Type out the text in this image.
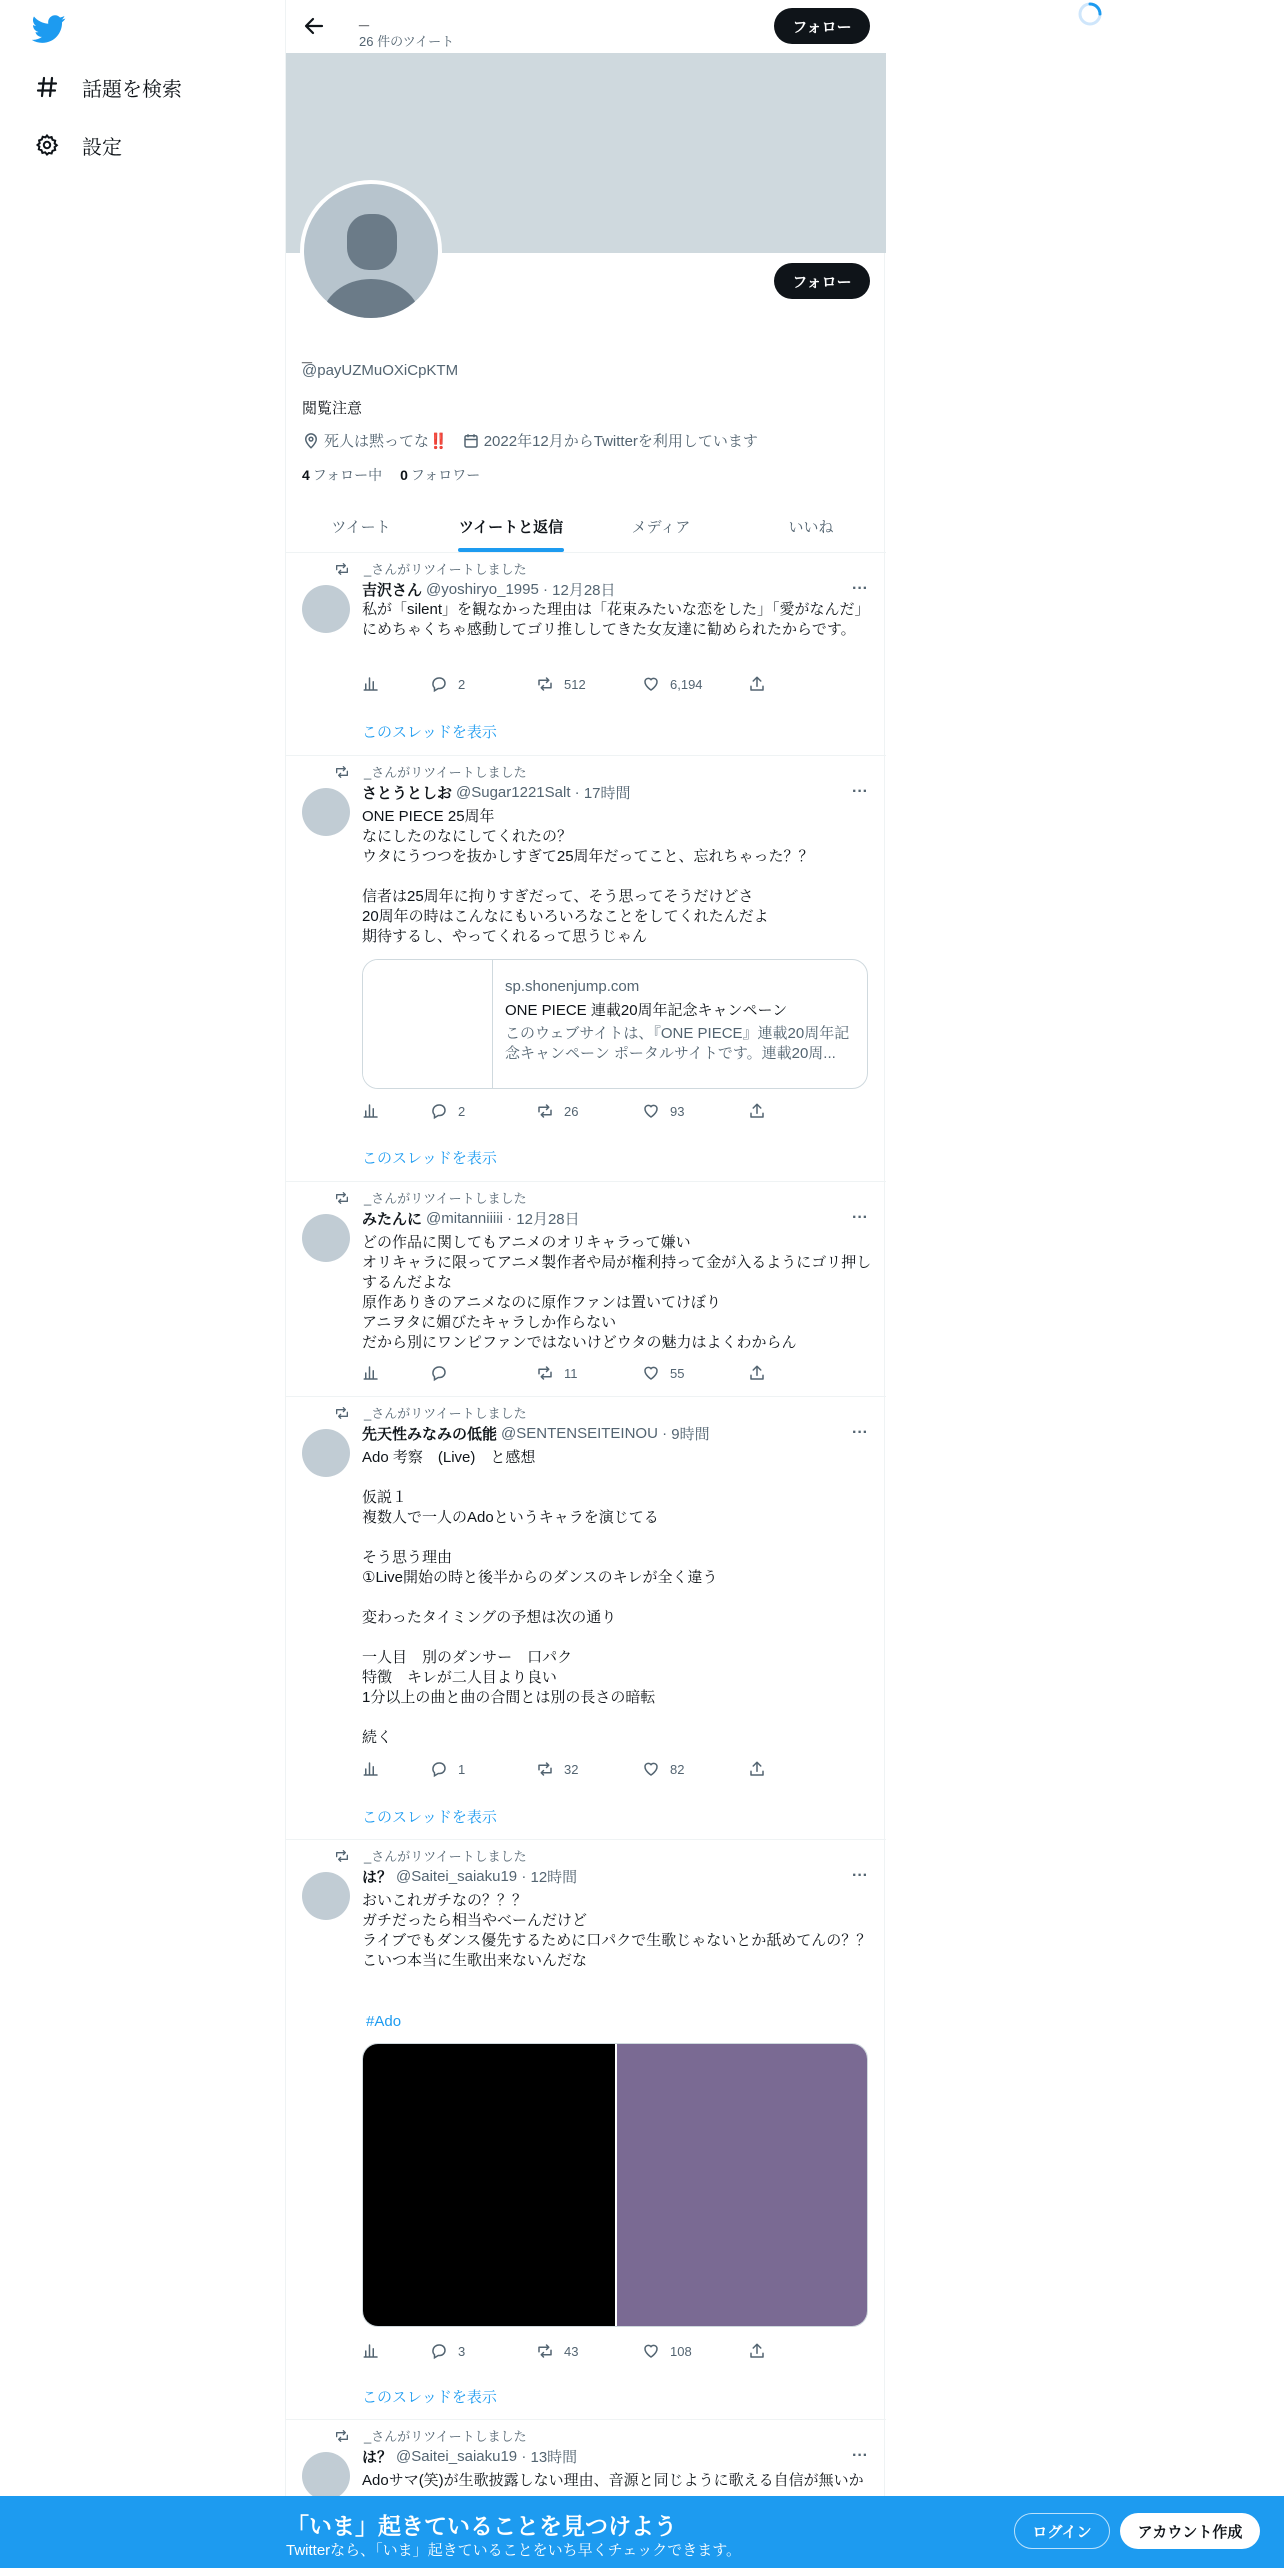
話題を検索
設定
_
26 件のツイート
フォロー
フォロー
_
@payUZMuOXiCpKTM
閲覧注意
死人は黙ってな ‼️ 2022年12月からTwitterを利用しています
4 フォロー中 0 フォロワー
ツイート	ツイートと返信	メディア	いいね
_さんがリツイートしました
吉沢さん @yoshiryo_1995 · 12月28日	···
私が「silent」を観なかった理由は「花束みたいな恋をした」「愛がなんだ」にめちゃくちゃ感動してゴリ推ししてきた女友達に勧められたからです。
2	512	6,194
このスレッドを表示
_さんがリツイートしました
さとうとしお @Sugar1221Salt · 17時間	···
ONE PIECE 25周年
なにしたのなにしてくれたの？
ウタにうつつを抜かしすぎて25周年だってこと、忘れちゃった？？

信者は25周年に拘りすぎだって、そう思ってそうだけどさ
20周年の時はこんなにもいろいろなことをしてくれたんだよ
期待するし、やってくれるって思うじゃん
sp.shonenjump.com
ONE PIECE 連載20周年記念キャンペーン
このウェブサイトは、『ONE PIECE』連載20周年記念キャンペーン ポータルサイトです。連載20周...
2	26	93
このスレッドを表示
_さんがリツイートしました
みたんに @mitanniiiii · 12月28日	···
どの作品に関してもアニメのオリキャラって嫌い
オリキャラに限ってアニメ製作者や局が権利持って金が入るようにゴリ押しするんだよな
原作ありきのアニメなのに原作ファンは置いてけぼり
アニヲタに媚びたキャラしか作らない
だから別にワンピファンではないけどウタの魅力はよくわからん
11	55
_さんがリツイートしました
先天性みなみの低能 @SENTENSEITEINOU · 9時間	···
Ado 考察　(Live)　と感想

仮説１
複数人で一人のAdoというキャラを演じてる

そう思う理由
①Live開始の時と後半からのダンスのキレが全く違う

変わったタイミングの予想は次の通り

一人目　別のダンサー　口パク
特徴　キレが二人目より良い
1分以上の曲と曲の合間とは別の長さの暗転

続く
1	32	82
このスレッドを表示
_さんがリツイートしました
は？ @Saitei_saiaku19 · 12時間	···
おいこれガチなの？？？
ガチだったら相当やべーんだけど
ライブでもダンス優先するために口パクで生歌じゃないとか舐めてんの？？
こいつ本当に生歌出来ないんだな
#Ado
3	43	108
このスレッドを表示
_さんがリツイートしました
は？ @Saitei_saiaku19 · 13時間	···
Adoサマ(笑)が生歌披露しない理由、音源と同じように歌える自信が無いか
「いま」起きていることを見つけよう
Twitterなら、「いま」起きていることをいち早くチェックできます。
ログイン	アカウント作成
